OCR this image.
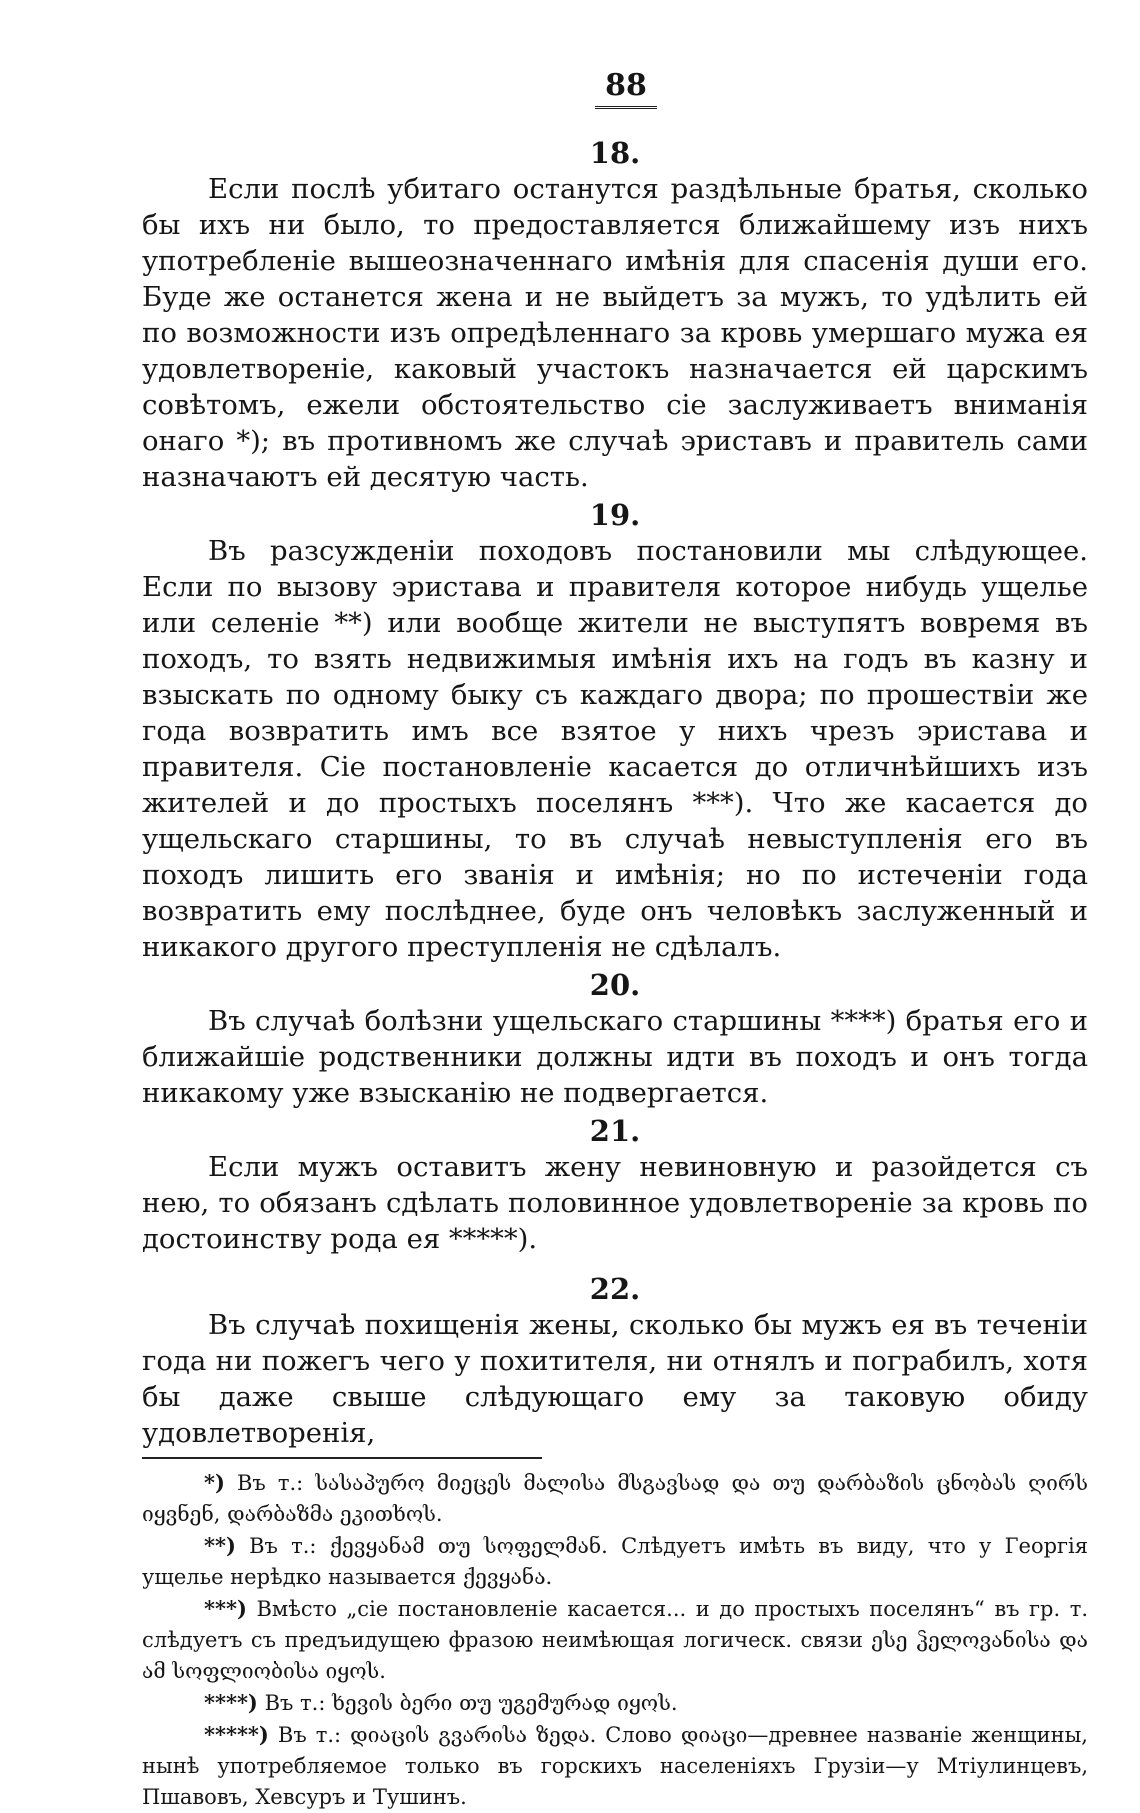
88
18.

Если послѣ убитаго останутся раздѣльные братья, сколько бы ихъ ни было, то предоставляется ближайшему изъ нихъ употребленіе вышеозначеннаго имѣнія для спасенія души его. Буде же останется жена и не выйдетъ за мужъ, то удѣлить ей по возможности изъ опредѣленнаго за кровь умершаго мужа ея удовлетвореніе, каковый участокъ назначается ей царскимъ совѣтомъ, ежели обстоятельство сіе заслуживаетъ вниманія онаго *); въ противномъ же случаѣ эриставъ и правитель сами назначаютъ ей десятую часть.

19.

Въ разсужденіи походовъ постановили мы слѣдующее. Если по вызову эристава и правителя которое нибудь ущелье или селеніе **) или вообще жители не выступятъ вовремя въ походъ, то взять недвижимыя имѣнія ихъ на годъ въ казну и взыскать по одному быку съ каждаго двора; по прошествіи же года возвратить имъ все взятое у нихъ чрезъ эристава и правителя. Сіе постановленіе касается до отличнѣйшихъ изъ жителей и до простыхъ поселянъ ***). Что же касается до ущельскаго старшины, то въ случаѣ невыступленія его въ походъ лишить его званія и имѣнія; но по истеченіи года возвратить ему послѣднее, буде онъ человѣкъ заслуженный и никакого другого преступленія не сдѣлалъ.

20.

Въ случаѣ болѣзни ущельскаго старшины ****) братья его и ближайшіе родственники должны идти въ походъ и онъ тогда никакому уже взысканію не подвергается.

21.

Если мужъ оставитъ жену невиновную и разойдется съ нею, то обязанъ сдѣлать половинное удовлетвореніе за кровь по достоинству рода ея *****).

22.

Въ случаѣ похищенія жены, сколько бы мужъ ея въ теченіи года ни пожегъ чего у похитителя, ни отнялъ и пограбилъ, хотя бы даже свыше слѣдующаго ему за таковую обиду удовлетворенія,

*) Въ т.: სასაპურო მიეცეს მალისა მსგავსად და თუ დარბაზის ცნობას ღირს იყვნენ, დარბაზმა ეკითხოს.

**) Въ т.: ქევყანამ თუ სოფელმან. Слѣдуетъ имѣть въ виду, что у Георгія ущелье нерѣдко называется ქევყანა.

***) Вмѣсто „сіе постановленіе касается... и до простыхъ поселянъ“ въ гр. т. слѣдуетъ съ предъидущею фразою неимѣющая логическ. связи ესე ჴელოვანისა და ამ სოფლიობისა იყოს.

****) Въ т.: ხევის ბერი თუ უგემურად იყოს.

*****) Въ т.: დიაცის გვარისა ზედა. Слово დიაცი—древнее названіе женщины, нынѣ употребляемое только въ горскихъ населеніяхъ Грузіи—у Мтіулинцевъ, Пшавовъ, Хевсуръ и Тушинъ.
